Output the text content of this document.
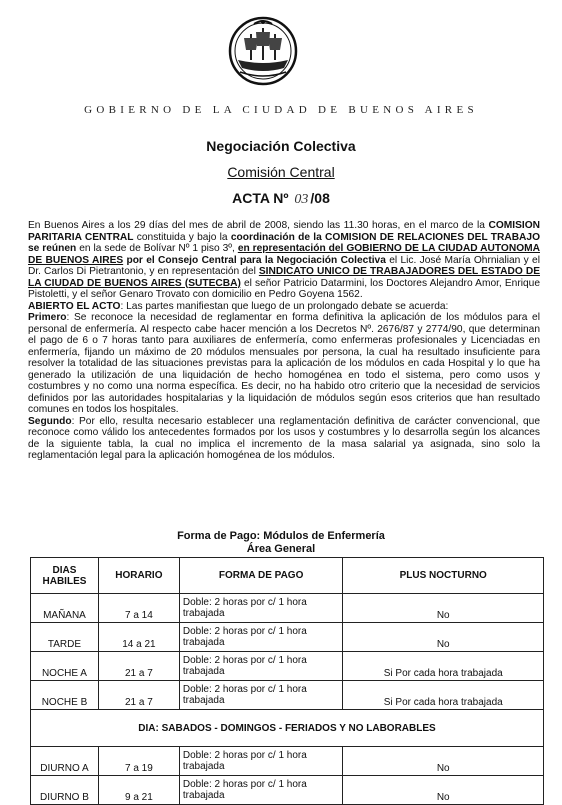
GOBIERNO DE LA CIUDAD DE BUENOS AIRES
Negociación Colectiva
Comisión Central
ACTA Nº 03 /08

En Buenos Aires a los 29 días del mes de abril de 2008, siendo las 11.30 horas, en el marco de la COMISION PARITARIA CENTRAL constituida y bajo la coordinación de la COMISION DE RELACIONES DEL TRABAJO se reúnen en la sede de Bolívar Nº 1 piso 3º, en representación del GOBIERNO DE LA CIUDAD AUTONOMA DE BUENOS AIRES por el Consejo Central para la Negociación Colectiva el Lic. José María Ohrnialian y el Dr. Carlos Di Pietrantonio, y en representación del SINDICATO UNICO DE TRABAJADORES DEL ESTADO DE LA CIUDAD DE BUENOS AIRES (SUTECBA) el señor Patricio Datarmini, los Doctores Alejandro Amor, Enrique Pistoletti, y el señor Genaro Trovato con domicilio en Pedro Goyena 1562.

ABIERTO EL ACTO: Las partes manifiestan que luego de un prolongado debate se acuerda:

Primero: Se reconoce la necesidad de reglamentar en forma definitiva la aplicación de los módulos para el personal de enfermería. Al respecto cabe hacer mención a los Decretos Nº. 2676/87 y 2774/90, que determinan el pago de 6 o 7 horas tanto para auxiliares de enfermería, como enfermeras profesionales y Licenciadas en enfermería, fijando un máximo de 20 módulos mensuales por persona, la cual ha resultado insuficiente para resolver la totalidad de las situaciones previstas para la aplicación de los módulos en cada Hospital y lo que ha generado la utilización de una liquidación de hecho homogénea en todo el sistema, pero como usos y costumbres y no como una norma específica. Es decir, no ha habido otro criterio que la necesidad de servicios definidos por las autoridades hospitalarias y la liquidación de módulos según esos criterios que han resultado comunes en todos los hospitales.

Segundo: Por ello, resulta necesario establecer una reglamentación definitiva de carácter convencional, que reconoce como válido los antecedentes formados por los usos y costumbres y lo desarrolla según los alcances de la siguiente tabla, la cual no implica el incremento de la masa salarial ya asignada, sino solo la reglamentación legal para la aplicación homogénea de los módulos.

Forma de Pago: Módulos de Enfermería
Área General
DIAS HABILES	HORARIO	FORMA DE PAGO	PLUS NOCTURNO
MAÑANA	7 a 14	Doble: 2 horas por c/ 1 hora trabajada	No
TARDE	14 a 21	Doble: 2 horas por c/ 1 hora trabajada	No
NOCHE A	21 a 7	Doble: 2 horas por c/ 1 hora trabajada	Si Por cada hora trabajada
NOCHE B	21 a 7	Doble: 2 horas por c/ 1 hora trabajada	Si Por cada hora trabajada
DIA: SABADOS - DOMINGOS - FERIADOS Y NO LABORABLES			
DIURNO A	7 a 19	Doble: 2 horas por c/ 1 hora trabajada	No
DIURNO B	9 a 21	Doble: 2 horas por c/ 1 hora trabajada	No
